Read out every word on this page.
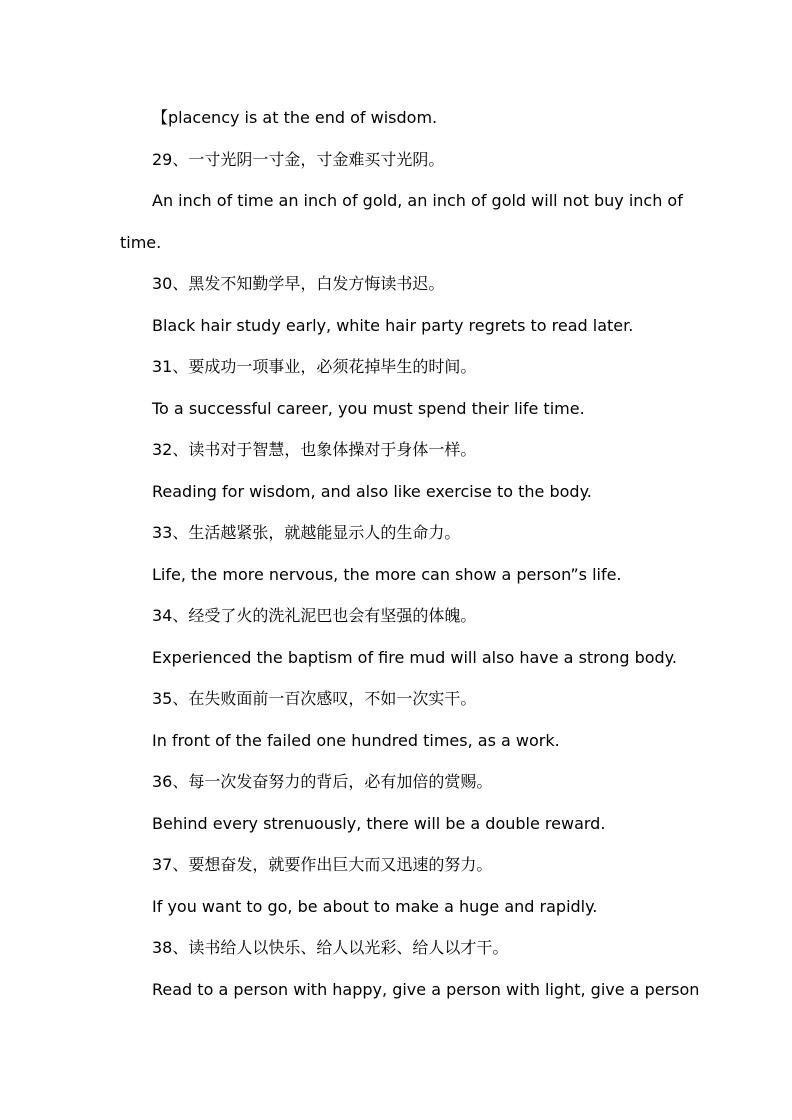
【placency is at the end of wisdom.
29、一寸光阴一寸金，寸金难买寸光阴。
An inch of time an inch of gold, an inch of gold will not buy inch of
time.
30、黑发不知勤学早，白发方悔读书迟。
Black hair study early, white hair party regrets to read later.
31、要成功一项事业，必须花掉毕生的时间。
To a successful career, you must spend their life time.
32、读书对于智慧，也象体操对于身体一样。
Reading for wisdom, and also like exercise to the body.
33、生活越紧张，就越能显示人的生命力。
Life, the more nervous, the more can show a person”s life.
34、经受了火的洗礼泥巴也会有坚强的体魄。
Experienced the baptism of fire mud will also have a strong body.
35、在失败面前一百次感叹，不如一次实干。
In front of the failed one hundred times, as a work.
36、每一次发奋努力的背后，必有加倍的赏赐。
Behind every strenuously, there will be a double reward.
37、要想奋发，就要作出巨大而又迅速的努力。
If you want to go, be about to make a huge and rapidly.
38、读书给人以快乐、给人以光彩、给人以才干。
Read to a person with happy, give a person with light, give a person
